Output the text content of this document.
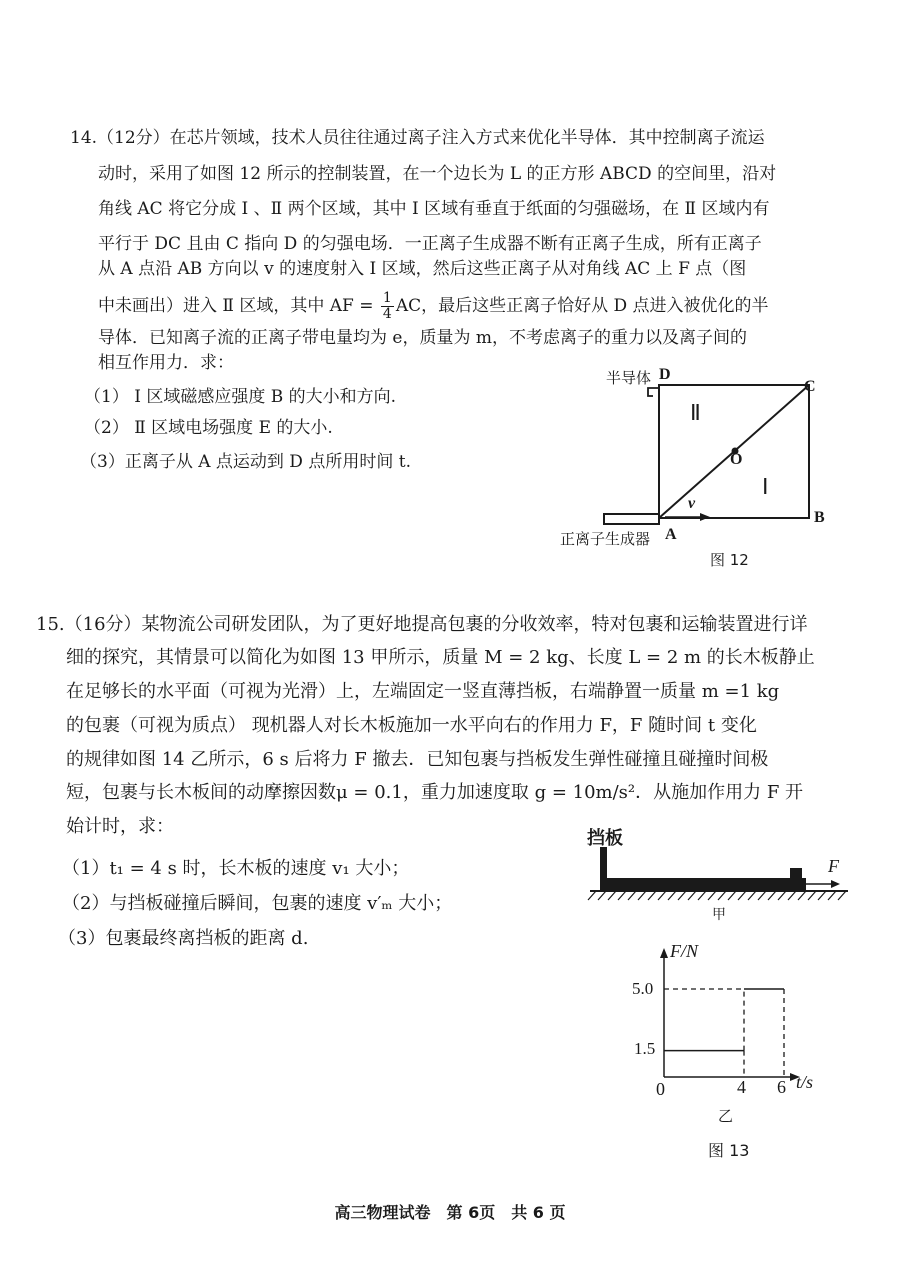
14.（12分）在芯片领域，技术人员往往通过离子注入方式来优化半导体．其中控制离子流运
动时，采用了如图 12 所示的控制装置，在一个边长为 L 的正方形 ABCD 的空间里，沿对
角线 AC 将它分成 Ⅰ 、Ⅱ 两个区域，其中 Ⅰ 区域有垂直于纸面的匀强磁场，在 Ⅱ 区域内有
平行于 DC 且由 C 指向 D 的匀强电场．一正离子生成器不断有正离子生成，所有正离子
从 A 点沿 AB 方向以 v 的速度射入 Ⅰ 区域，然后这些正离子从对角线 AC 上 F 点（图
中未画出）进入 Ⅱ 区域，其中 AF = $\frac{1}{4}$ AC，最后这些正离子恰好从 D 点进入被优化的半
导体．已知离子流的正离子带电量均为 e，质量为 m，不考虑离子的重力以及离子间的
相互作用力．求：
（1） Ⅰ 区域磁感应强度 B 的大小和方向.
（2） Ⅱ 区域电场强度 E 的大小.
（3）正离子从 A 点运动到 D 点所用时间 t.
半导体 D
C
B
O
Ⅱ
Ⅰ
v
正离子生成器 A
图 12
15.（16分）某物流公司研发团队，为了更好地提高包裹的分收效率，特对包裹和运输装置进行详
细的探究，其情景可以简化为如图 13 甲所示，质量 M = 2 kg、长度 L = 2 m 的长木板静止
在足够长的水平面（可视为光滑）上，左端固定一竖直薄挡板，右端静置一质量 m =1 kg
的包裹（可视为质点） 现机器人对长木板施加一水平向右的作用力 F，F 随时间 t 变化
的规律如图 14 乙所示，6 s 后将力 F 撤去．已知包裹与挡板发生弹性碰撞且碰撞时间极
短，包裹与长木板间的动摩擦因数μ = 0.1，重力加速度取 g = 10m/s²．从施加作用力 F 开
始计时，求：
（1）t₁ = 4 s 时，长木板的速度 v₁ 大小；
（2）与挡板碰撞后瞬间，包裹的速度 v′ₘ 大小；
（3）包裹最终离挡板的距离 d.
挡板
F
甲
F/N
t/s
5.0
1.5
0	4 6
乙
图 13
高三物理试卷　第 6页　共 6 页
